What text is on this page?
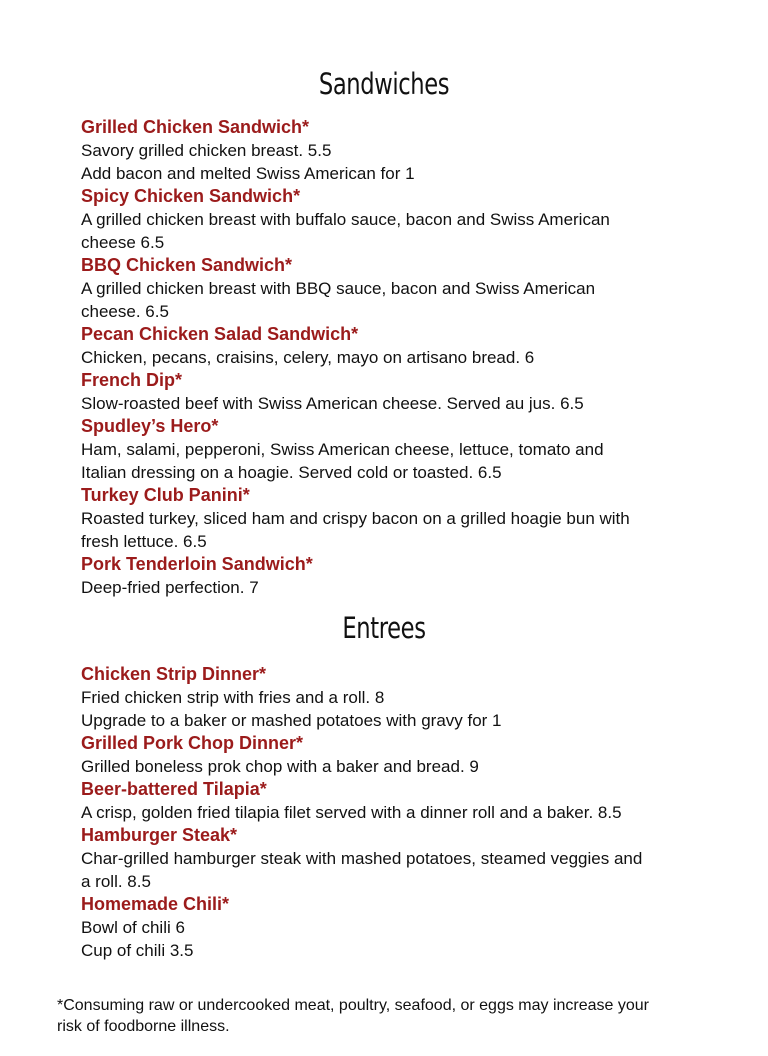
Sandwiches

Grilled Chicken Sandwich*

Savory grilled chicken breast. 5.5

Add bacon and melted Swiss American for 1

Spicy Chicken Sandwich*

A grilled chicken breast with buffalo sauce, bacon and Swiss American

cheese 6.5

BBQ Chicken Sandwich*

A grilled chicken breast with BBQ sauce, bacon and Swiss American

cheese. 6.5

Pecan Chicken Salad Sandwich*

Chicken, pecans, craisins, celery, mayo on artisano bread. 6

French Dip*

Slow-roasted beef with Swiss American cheese. Served au jus. 6.5

Spudley’s Hero*

Ham, salami, pepperoni, Swiss American cheese, lettuce, tomato and

Italian dressing on a hoagie. Served cold or toasted. 6.5

Turkey Club Panini*

Roasted turkey, sliced ham and crispy bacon on a grilled hoagie bun with

fresh lettuce. 6.5

Pork Tenderloin Sandwich*

Deep-fried perfection. 7

Entrees

Chicken Strip Dinner*

Fried chicken strip with fries and a roll. 8

Upgrade to a baker or mashed potatoes with gravy for 1

Grilled Pork Chop Dinner*

Grilled boneless prok chop with a baker and bread. 9

Beer-battered Tilapia*

A crisp, golden fried tilapia filet served with a dinner roll and a baker. 8.5

Hamburger Steak*

Char-grilled hamburger steak with mashed potatoes, steamed veggies and

a roll. 8.5

Homemade Chili*

Bowl of chili 6

Cup of chili 3.5

*Consuming raw or undercooked meat, poultry, seafood, or eggs may increase your
risk of foodborne illness.
